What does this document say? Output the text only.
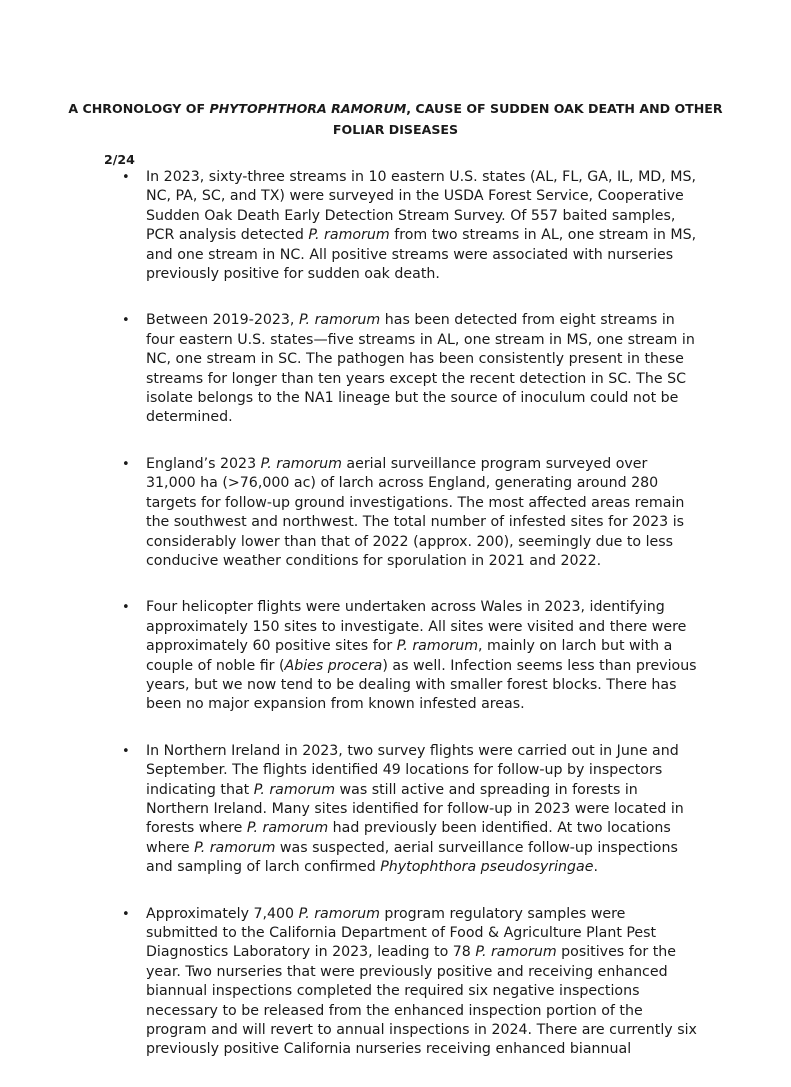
A CHRONOLOGY OF PHYTOPHTHORA RAMORUM, CAUSE OF SUDDEN OAK DEATH AND OTHER FOLIAR DISEASES
2/24
• In 2023, sixty-three streams in 10 eastern U.S. states (AL, FL, GA, IL, MD, MS, NC, PA, SC, and TX) were surveyed in the USDA Forest Service, Cooperative Sudden Oak Death Early Detection Stream Survey. Of 557 baited samples, PCR analysis detected P. ramorum from two streams in AL, one stream in MS, and one stream in NC. All positive streams were associated with nurseries previously positive for sudden oak death.
• Between 2019-2023, P. ramorum has been detected from eight streams in four eastern U.S. states—five streams in AL, one stream in MS, one stream in NC, one stream in SC. The pathogen has been consistently present in these streams for longer than ten years except the recent detection in SC. The SC isolate belongs to the NA1 lineage but the source of inoculum could not be determined.
• England’s 2023 P. ramorum aerial surveillance program surveyed over 31,000 ha (>76,000 ac) of larch across England, generating around 280 targets for follow-up ground investigations. The most affected areas remain the southwest and northwest. The total number of infested sites for 2023 is considerably lower than that of 2022 (approx. 200), seemingly due to less conducive weather conditions for sporulation in 2021 and 2022.
• Four helicopter flights were undertaken across Wales in 2023, identifying approximately 150 sites to investigate. All sites were visited and there were approximately 60 positive sites for P. ramorum, mainly on larch but with a couple of noble fir (Abies procera) as well. Infection seems less than previous years, but we now tend to be dealing with smaller forest blocks. There has been no major expansion from known infested areas.
• In Northern Ireland in 2023, two survey flights were carried out in June and September. The flights identified 49 locations for follow-up by inspectors indicating that P. ramorum was still active and spreading in forests in Northern Ireland. Many sites identified for follow-up in 2023 were located in forests where P. ramorum had previously been identified. At two locations where P. ramorum was suspected, aerial surveillance follow-up inspections and sampling of larch confirmed Phytophthora pseudosyringae.
• Approximately 7,400 P. ramorum program regulatory samples were submitted to the California Department of Food & Agriculture Plant Pest Diagnostics Laboratory in 2023, leading to 78 P. ramorum positives for the year. Two nurseries that were previously positive and receiving enhanced biannual inspections completed the required six negative inspections necessary to be released from the enhanced inspection portion of the program and will revert to annual inspections in 2024. There are currently six previously positive California nurseries receiving enhanced biannual
